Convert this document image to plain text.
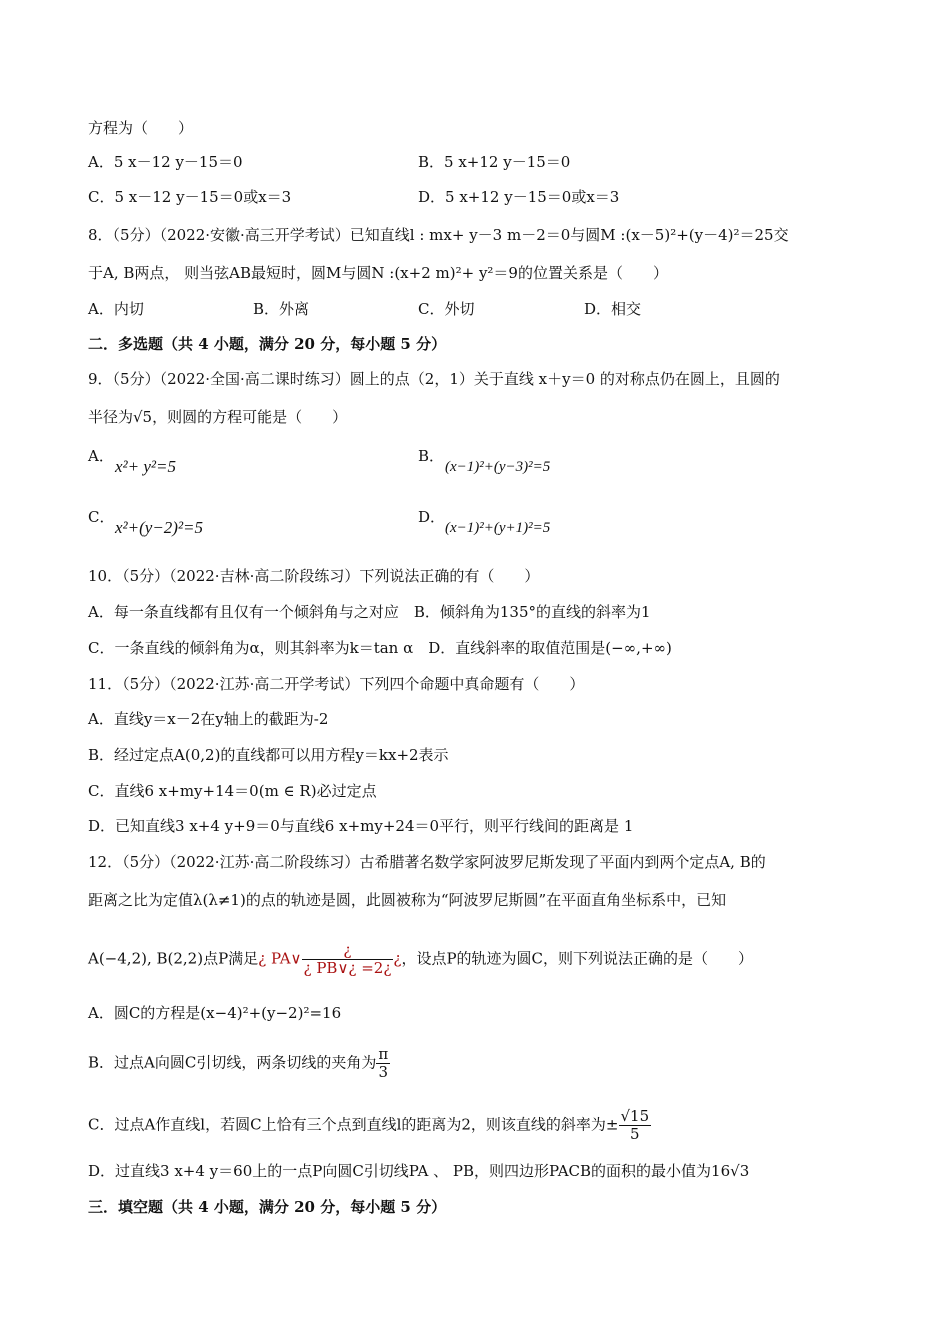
方程为（　　）
A．5 x－12 y－15＝0	B．5 x+12 y－15＝0
C．5 x－12 y－15＝0或x＝3	D．5 x+12 y－15＝0或x＝3
8．（5分）（2022·安徽·高三开学考试）已知直线l : mx+ y－3 m－2＝0与圆M :(x－5)²+(y－4)²＝25交
于A, B两点， 则当弦AB最短时，圆M与圆N :(x+2 m)²+ y²＝9的位置关系是（　　）
A．内切	B．外离	C．外切	D．相交
二．多选题（共 4 小题，满分 20 分，每小题 5 分）
9．（5分）（2022·全国·高二课时练习）圆上的点（2，1）关于直线 x＋y＝0 的对称点仍在圆上，且圆的
半径为√5，则圆的方程可能是（　　）
A．
x²+ y²=5
B．
(x−1)²+(y−3)²=5
C．
x²+(y−2)²=5
D．
(x−1)²+(y+1)²=5
10．（5分）（2022·吉林·高二阶段练习）下列说法正确的有（　　）
A．每一条直线都有且仅有一个倾斜角与之对应　B．倾斜角为135°的直线的斜率为1
C．一条直线的倾斜角为α，则其斜率为k＝tan α　D．直线斜率的取值范围是(−∞,+∞)
11．（5分）（2022·江苏·高二开学考试）下列四个命题中真命题有（　　）
A．直线y＝x－2在y轴上的截距为-2
B．经过定点A(0,2)的直线都可以用方程y＝kx+2表示
C．直线6 x+my+14＝0(m ∈ R)必过定点
D．已知直线3 x+4 y+9＝0与直线6 x+my+24＝0平行，则平行线间的距离是 1
12．（5分）（2022·江苏·高二阶段练习）古希腊著名数学家阿波罗尼斯发现了平面内到两个定点A, B的
距离之比为定值λ(λ≠1)的点的轨迹是圆，此圆被称为“阿波罗尼斯圆”在平面直角坐标系中，已知
A(−4,2), B(2,2)点P满足¿ PA∨ $\frac{¿}{¿ PB\vee¿ =2¿}$ ¿，设点P的轨迹为圆C，则下列说法正确的是（　　）
A．圆C的方程是(x−4)²+(y−2)²=16
B．过点A向圆C引切线，两条切线的夹角为 $\frac{\pi}{3}$
C．过点A作直线l，若圆C上恰有三个点到直线l的距离为2，则该直线的斜率为± $\frac{√15}{5}$
D．过直线3 x+4 y＝60上的一点P向圆C引切线PA 、 PB，则四边形PACB的面积的最小值为16√3
三．填空题（共 4 小题，满分 20 分，每小题 5 分）
